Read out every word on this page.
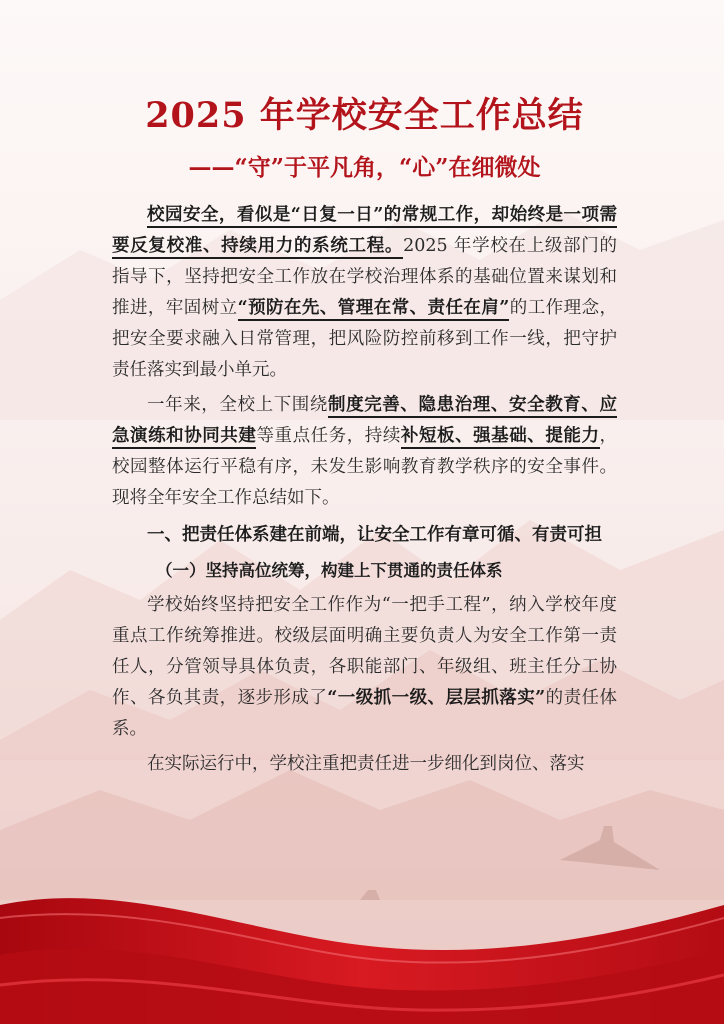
2025 年学校安全工作总结
——“守”于平凡角，“心”在细微处

校园安全，看似是“日复一日”的常规工作，却始终是一项需要反复校准、持续用力的系统工程。2025 年学校在上级部门的指导下，坚持把安全工作放在学校治理体系的基础位置来谋划和推进，牢固树立“预防在先、管理在常、责任在肩”的工作理念，把安全要求融入日常管理，把风险防控前移到工作一线，把守护责任落实到最小单元。

一年来，全校上下围绕制度完善、隐患治理、安全教育、应急演练和协同共建等重点任务，持续补短板、强基础、提能力，校园整体运行平稳有序，未发生影响教育教学秩序的安全事件。现将全年安全工作总结如下。

一、把责任体系建在前端，让安全工作有章可循、有责可担
（一）坚持高位统筹，构建上下贯通的责任体系

学校始终坚持把安全工作作为“一把手工程”，纳入学校年度重点工作统筹推进。校级层面明确主要负责人为安全工作第一责任人，分管领导具体负责，各职能部门、年级组、班主任分工协作、各负其责，逐步形成了“一级抓一级、层层抓落实”的责任体系。

在实际运行中，学校注重把责任进一步细化到岗位、落实
